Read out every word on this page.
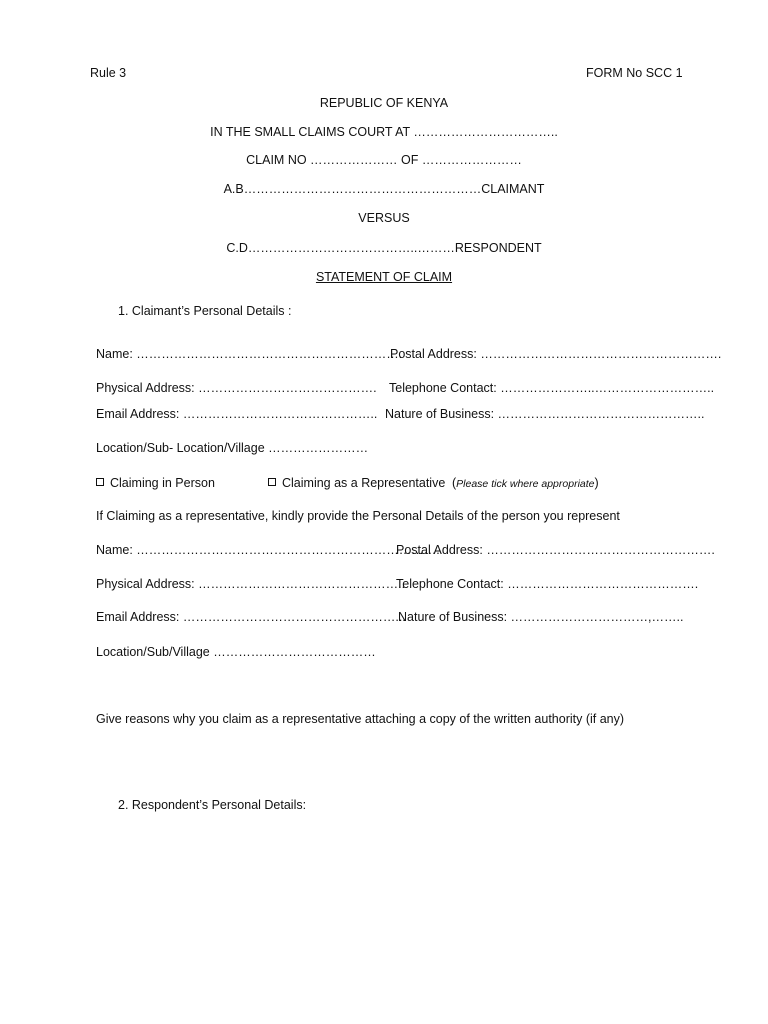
Rule 3	FORM No SCC 1
REPUBLIC OF KENYA
IN THE SMALL CLAIMS COURT AT ……………………………..
CLAIM NO ………………… OF ……………………
A.B…………………………………………………CLAIMANT
VERSUS
C.D…………………………………..………RESPONDENT
STATEMENT OF CLAIM
1. Claimant’s Personal Details :
Name: ……………………………………………………….
Postal Address: ………………………………………………….
Physical Address: ……………………………………. Telephone Contact: …………………..………………………..
Email Address: ……………………………………….. Nature of Business: …………………………………………..
Location/Sub- Location/Village ……………………
Claiming in Person	Claiming as a Representative (Please tick where appropriate)
If Claiming as a representative, kindly provide the Personal Details of the person you represent
Name: ……………………………………………………………….
Postal Address: ……………………………………………….
Physical Address: …………………………………………..
Telephone Contact: ……………………………………….
Email Address: ……………………………………………...
Nature of Business: ……………………………,……..
Location/Sub/Village …………………………………
Give reasons why you claim as a representative attaching a copy of the written authority (if any)
2. Respondent’s Personal Details:
